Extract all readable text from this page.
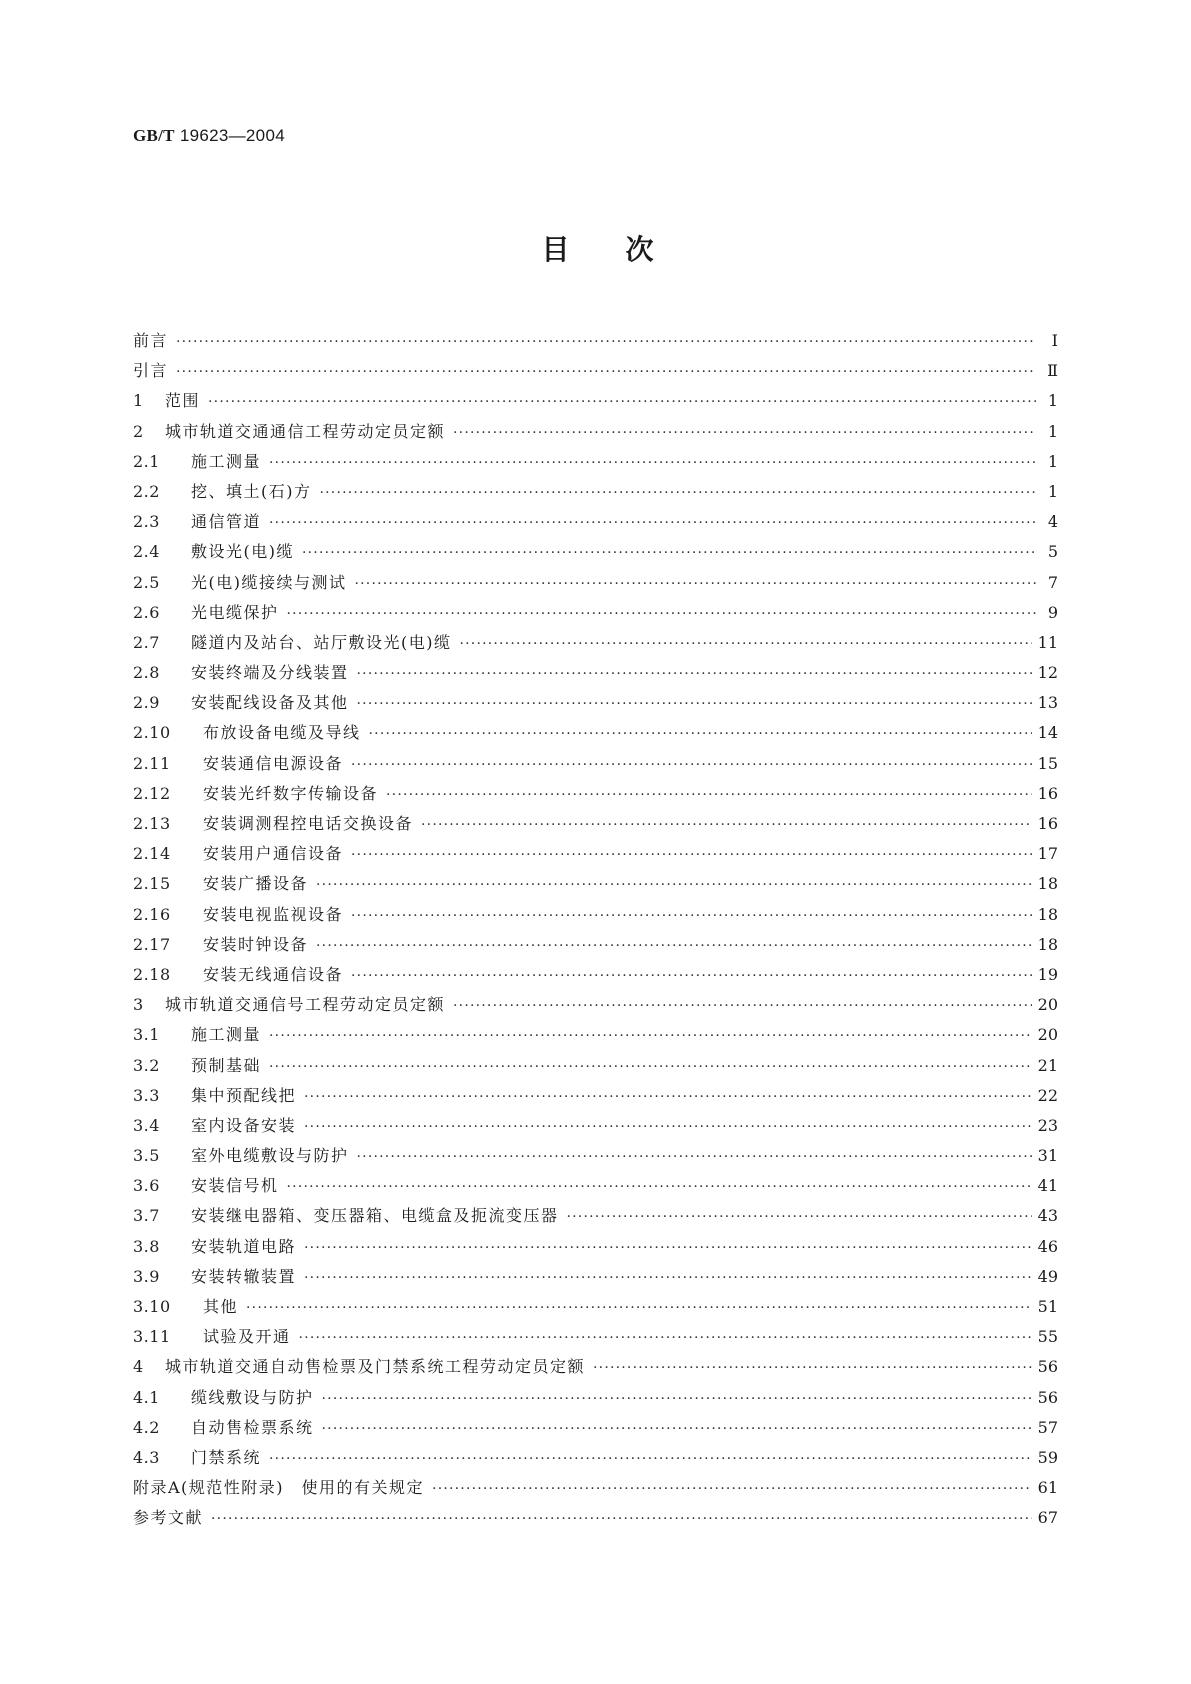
GB/T 19623—2004
目次
前言 ·····	Ⅰ
引言 ·····	Ⅱ
1	范围 ·····	1
2	城市轨道交通通信工程劳动定员定额 ·····	1
2.1	施工测量 ·····	1
2.2	挖、填土(石)方 ·····	1
2.3	通信管道 ·····	4
2.4	敷设光(电)缆 ·····	5
2.5	光(电)缆接续与测试 ·····	7
2.6	光电缆保护 ·····	9
2.7	隧道内及站台、站厅敷设光(电)缆 ·····	11
2.8	安装终端及分线装置 ·····	12
2.9	安装配线设备及其他 ·····	13
2.10	布放设备电缆及导线 ·····	14
2.11	安装通信电源设备 ·····	15
2.12	安装光纤数字传输设备 ·····	16
2.13	安装调测程控电话交换设备 ·····	16
2.14	安装用户通信设备 ·····	17
2.15	安装广播设备 ·····	18
2.16	安装电视监视设备 ·····	18
2.17	安装时钟设备 ·····	18
2.18	安装无线通信设备 ·····	19
3	城市轨道交通信号工程劳动定员定额 ·····	20
3.1	施工测量 ·····	20
3.2	预制基础 ·····	21
3.3	集中预配线把 ·····	22
3.4	室内设备安装 ·····	23
3.5	室外电缆敷设与防护 ·····	31
3.6	安装信号机 ·····	41
3.7	安装继电器箱、变压器箱、电缆盒及扼流变压器 ·····	43
3.8	安装轨道电路 ·····	46
3.9	安装转辙装置 ·····	49
3.10	其他 ·····	51
3.11	试验及开通 ·····	55
4	城市轨道交通自动售检票及门禁系统工程劳动定员定额 ·····	56
4.1	缆线敷设与防护 ·····	56
4.2	自动售检票系统 ·····	57
4.3	门禁系统 ·····	59
附录A(规范性附录)　使用的有关规定 ·····	61
参考文献 ·····	67
